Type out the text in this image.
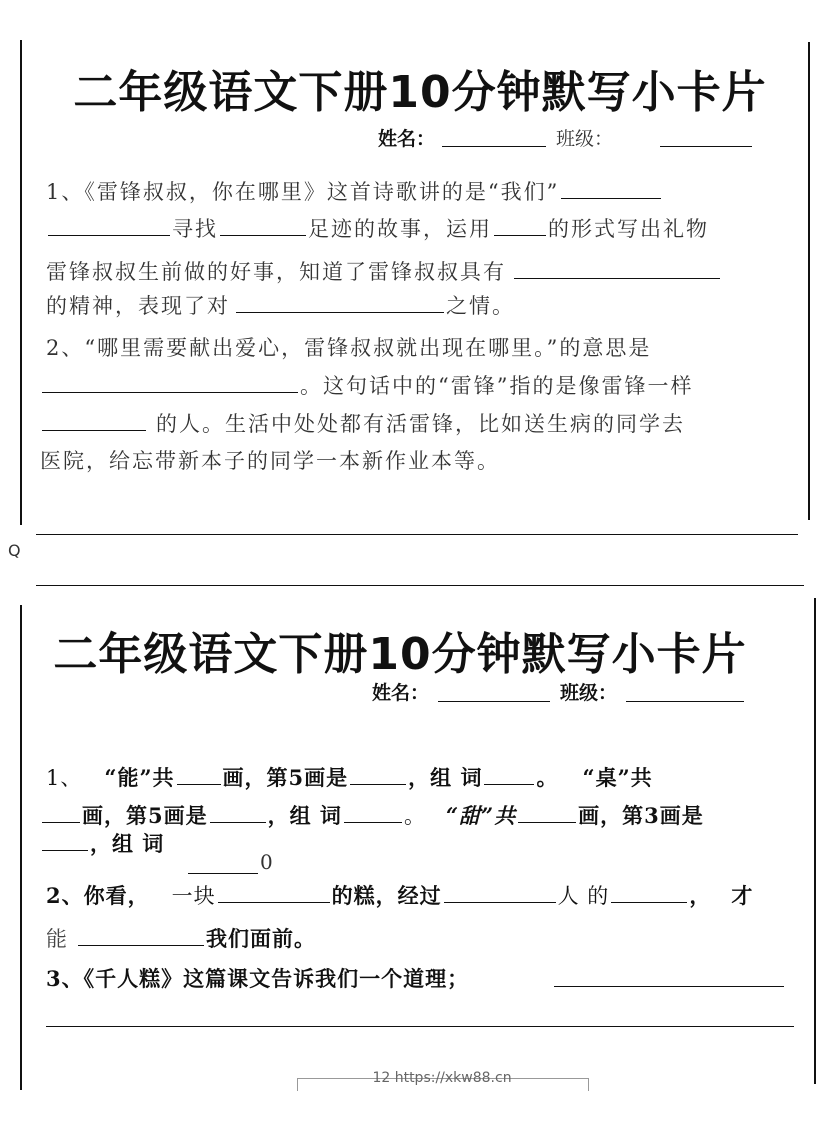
二年级语文下册10分钟默写小卡片
姓名：	班级：
1、《雷锋叔叔，你在哪里》这首诗歌讲的是“我们”
寻找	足迹的故事，运用	的形式写出礼物
雷锋叔叔生前做的好事，知道了雷锋叔叔具有
的精神，表现了对	之情。
2、“哪里需要献出爱心，雷锋叔叔就出现在哪里。”的意思是
。这句话中的“雷锋”指的是像雷锋一样
的人。生活中处处都有活雷锋，比如送生病的同学去
医院，给忘带新本子的同学一本新作业本等。
Q
二年级语文下册10分钟默写小卡片
姓名：	班级：
1、 “能”共 画，第5画是	，组 词	。 “桌”共
画，第5画是	，组 词	。 “甜”共	画，第3画是
，组 词
0
2、你看， 一块	的糕，经过	人 的	， 才
能	我们面前。
3、《千人糕》这篇课文告诉我们一个道理；
12 https://xkw88.cn
